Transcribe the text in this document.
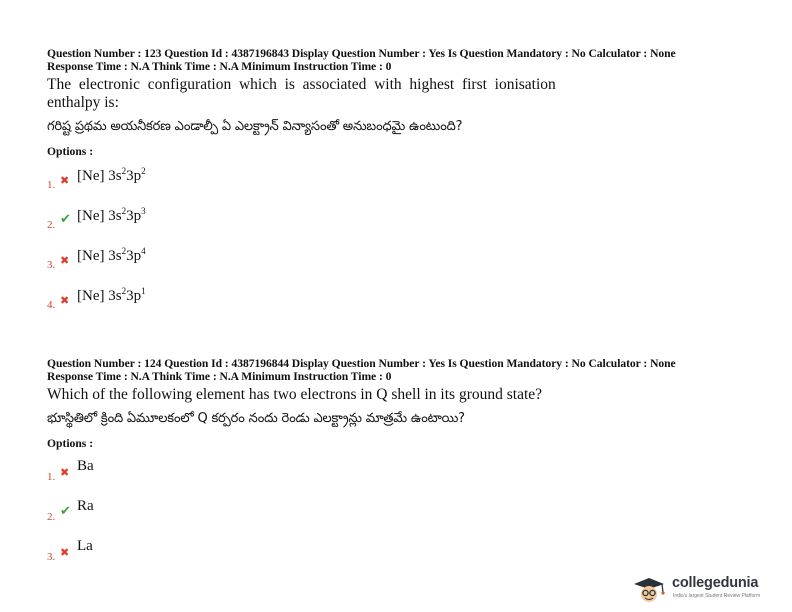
Question Number : 123 Question Id : 4387196843 Display Question Number : Yes Is Question Mandatory : No Calculator : None
Response Time : N.A Think Time : N.A Minimum Instruction Time : 0
The  electronic  configuration  which  is  associated  with  highest  first  ionisation
enthalpy is:
గరిష్ట ప్రథమ అయనీకరణ ఎండాల్పీ ఏ ఎలక్ట్రాన్ విన్యాసంతో అనుబంధమై ఉంటుంది?
Options :
1. ✖ [Ne] $3s^23p^2$
2. ✔ [Ne] $3s^23p^3$
3. ✖ [Ne] $3s^23p^4$
4. ✖ [Ne] $3s^23p^1$
Question Number : 124 Question Id : 4387196844 Display Question Number : Yes Is Question Mandatory : No Calculator : None
Response Time : N.A Think Time : N.A Minimum Instruction Time : 0
Which of the following element has two electrons in Q shell in its ground state?
భూస్థితిలో క్రింది ఏమూలకంలో Q కర్పరం నందు రెండు ఎలక్ట్రాన్లు మాత్రమే ఉంటాయి?
Options :
1. ✖ Ba
2. ✔ Ra
3. ✖ La
collegedunia
India's largest Student Review Platform
